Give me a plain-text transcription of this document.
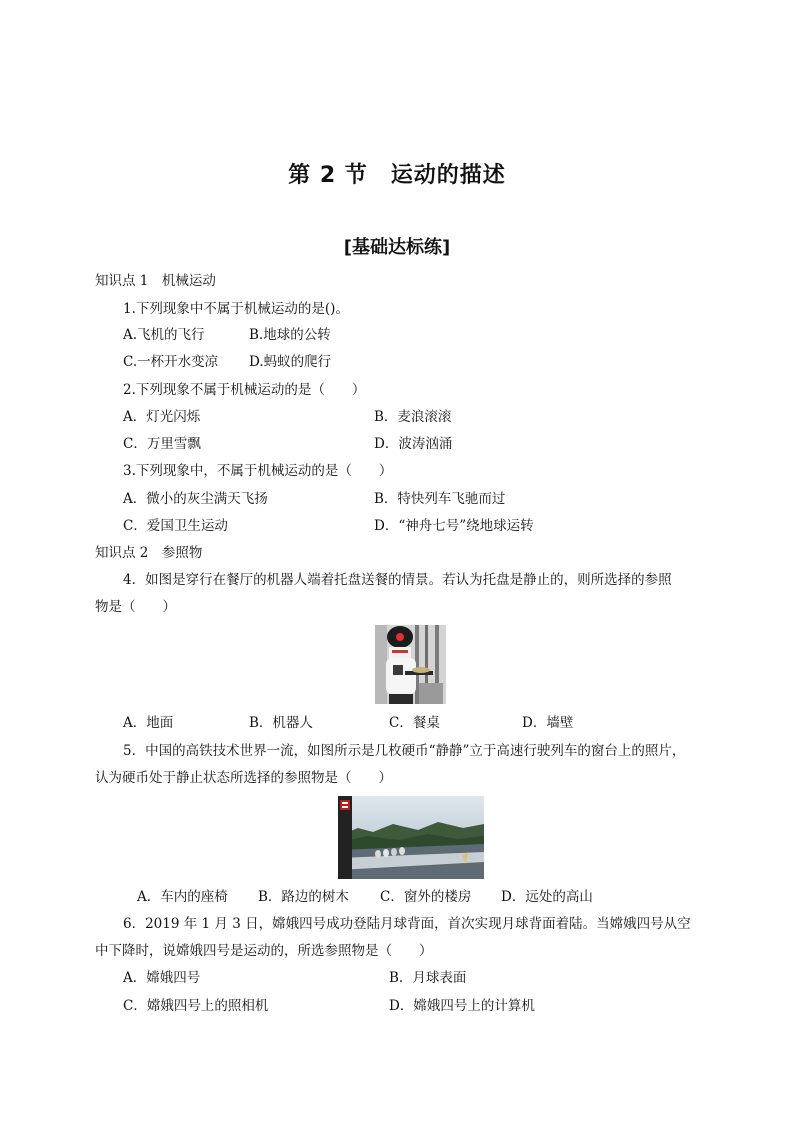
第 2 节　运动的描述
[基础达标练]
知识点 1　机械运动
1.下列现象中不属于机械运动的是()。
A.飞机的飞行	B.地球的公转
C.一杯开水变凉 D.蚂蚁的爬行
2.下列现象不属于机械运动的是（　　）
A．灯光闪烁	B．麦浪滚滚
C．万里雪飘	D．波涛汹涌
3.下列现象中，不属于机械运动的是（　　）
A．微小的灰尘满天飞扬	B．特快列车飞驰而过
C．爱国卫生运动	D．“神舟七号”绕地球运转
知识点 2　参照物
4．如图是穿行在餐厅的机器人端着托盘送餐的情景。若认为托盘是静止的，则所选择的参照
物是（　　）
A．地面	B．机器人	C．餐桌	D．墙壁
5．中国的高铁技术世界一流，如图所示是几枚硬币“静静”立于高速行驶列车的窗台上的照片，
认为硬币处于静止状态所选择的参照物是（　　）
A．车内的座椅 B．路边的树木 C．窗外的楼房 D．远处的高山
6．2019 年 1 月 3 日，嫦娥四号成功登陆月球背面，首次实现月球背面着陆。当嫦娥四号从空
中下降时，说嫦娥四号是运动的，所选参照物是（　　）
A．嫦娥四号	B．月球表面
C．嫦娥四号上的照相机	D．嫦娥四号上的计算机
